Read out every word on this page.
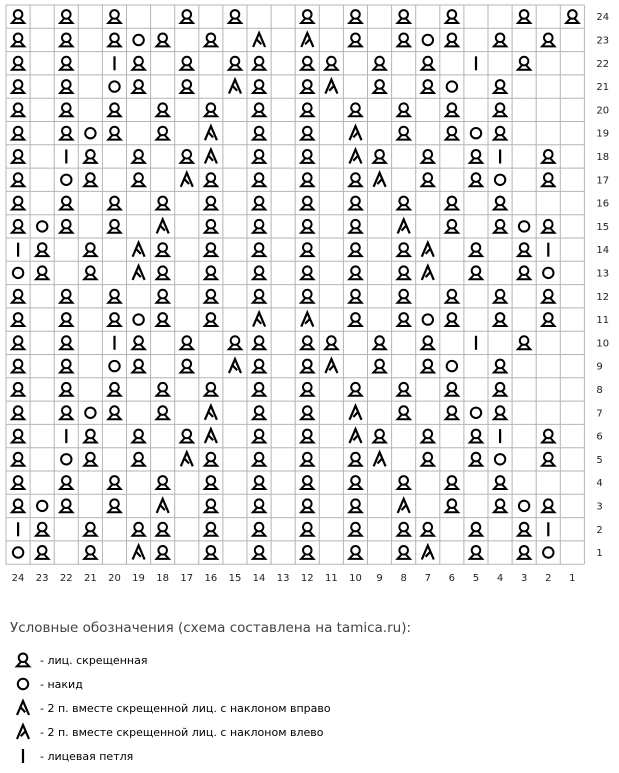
24
23
22
21
20
19
18
17
16
15
14
13
12
11
10
9
8
7
6
5
4
3
2
1
24 23 22 21 20 19 18 17 16 15 14 13 12 11 10 9 8 7 6 5 4 3 2 1
Условные обозначения (схема составлена на tamica.ru):
- лиц. скрещенная
- накид
- 2 п. вместе скрещенной лиц. с наклоном вправо
- 2 п. вместе скрещенной лиц. с наклоном влево
- лицевая петля
